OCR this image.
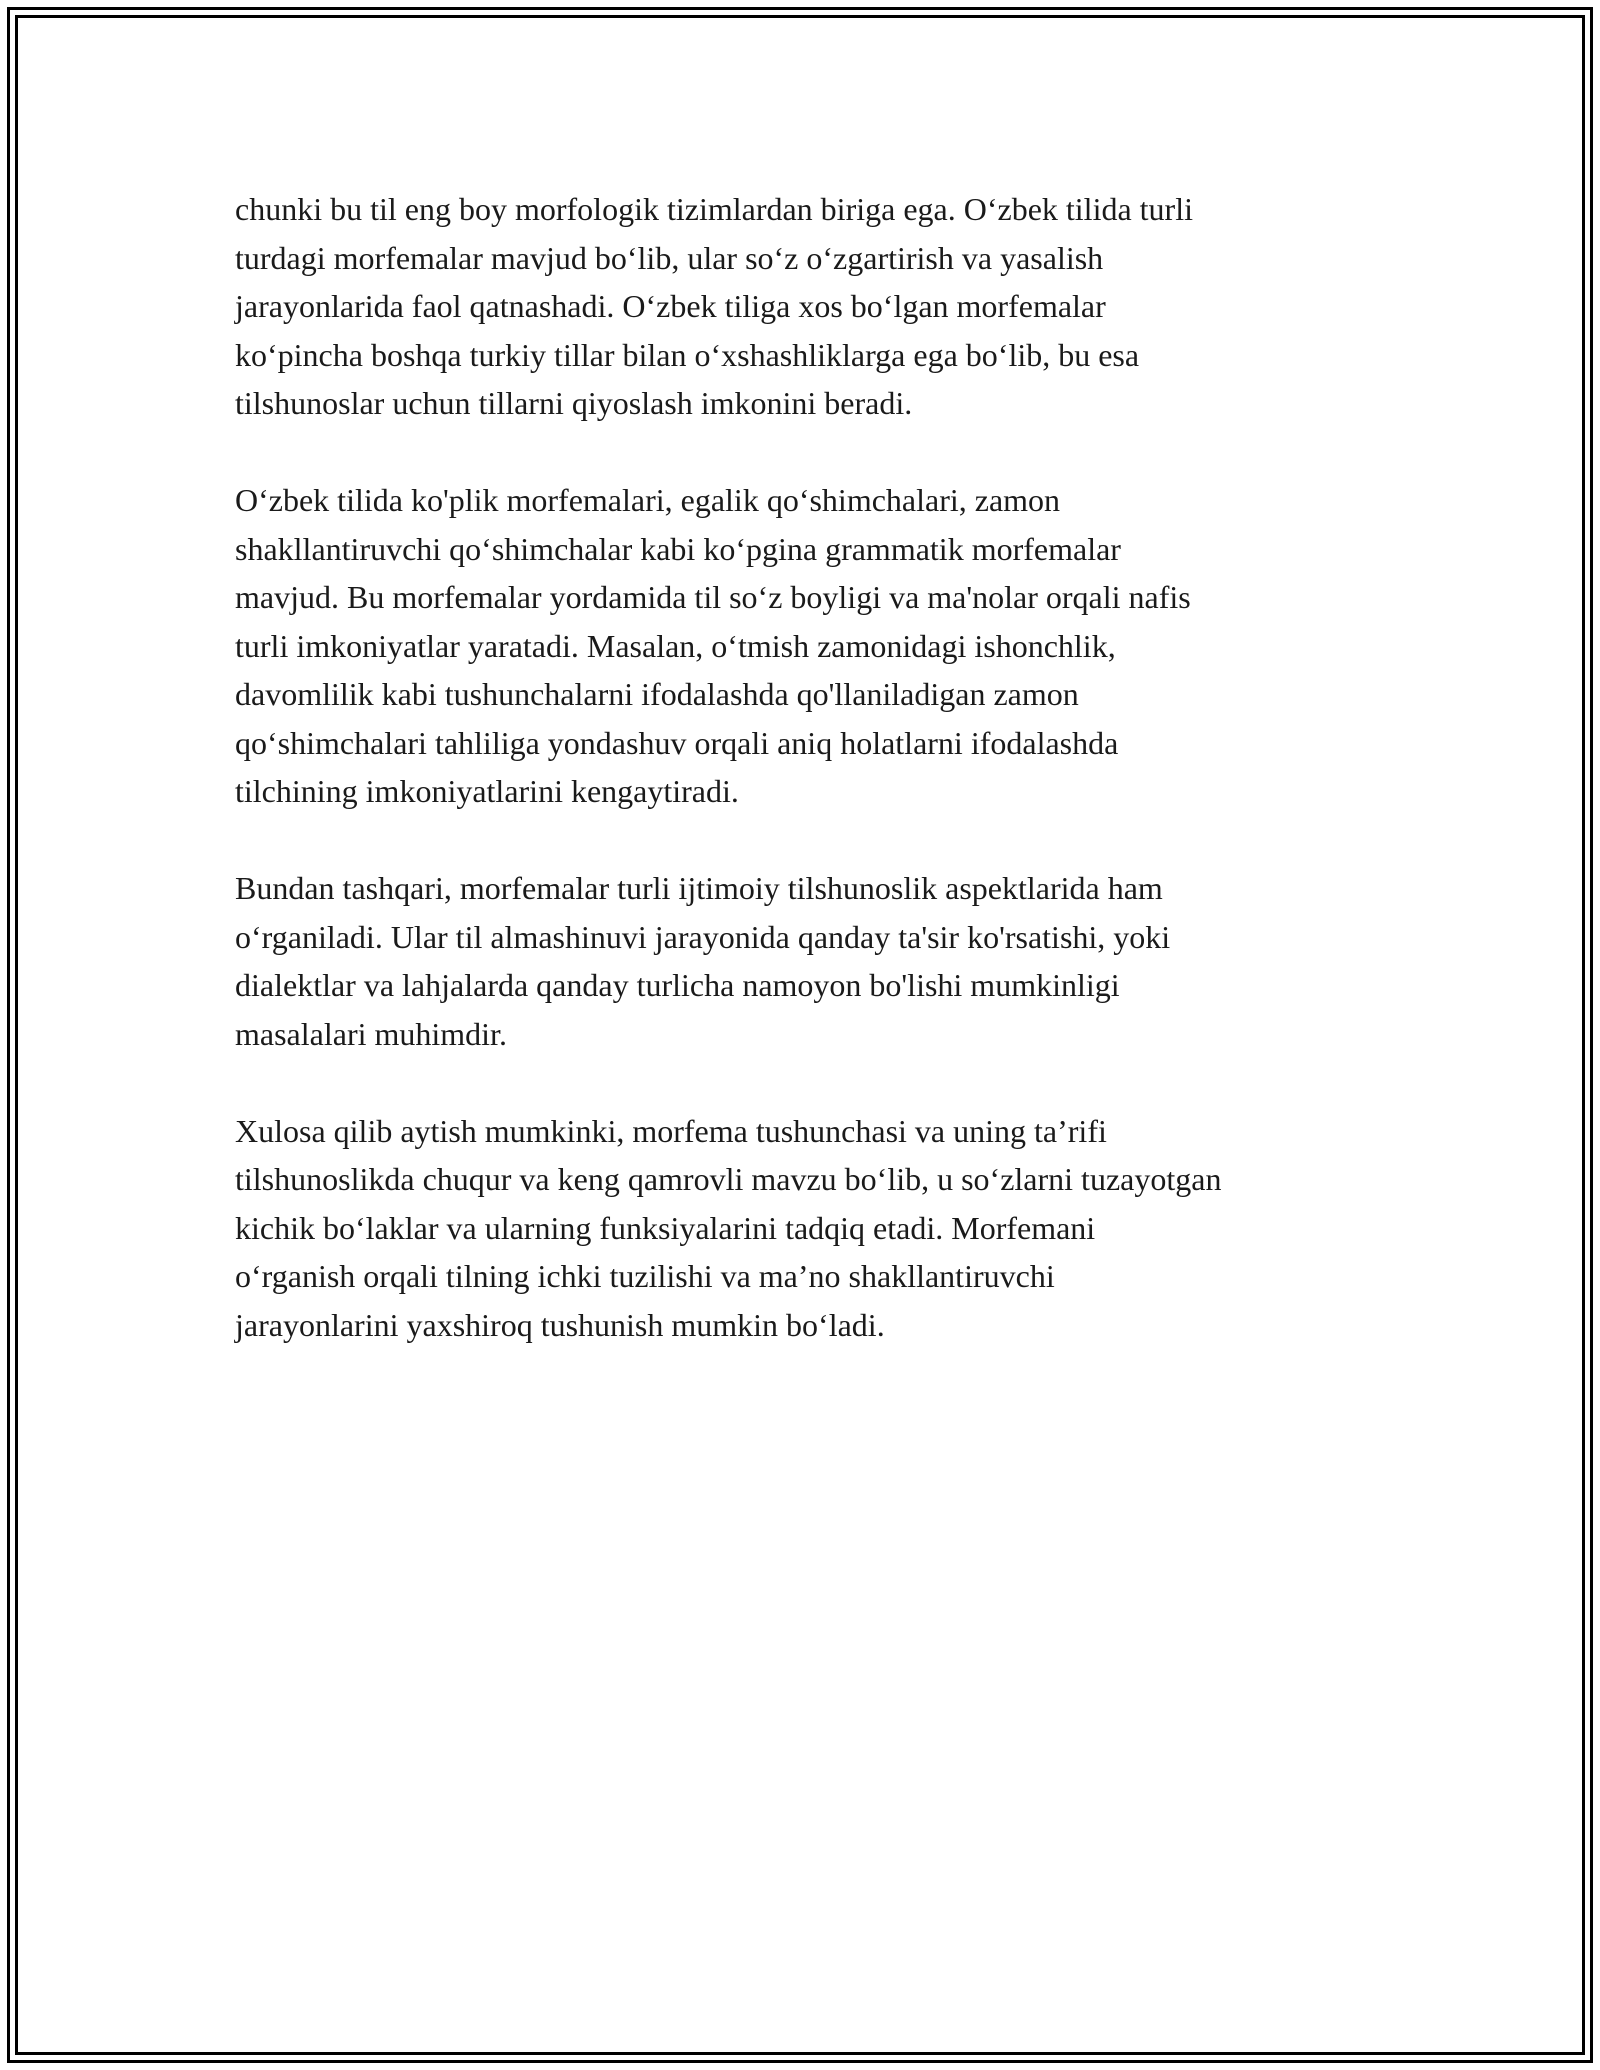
chunki bu til eng boy morfologik tizimlardan biriga ega. O‘zbek tilida turli
turdagi morfemalar mavjud bo‘lib, ular so‘z o‘zgartirish va yasalish
jarayonlarida faol qatnashadi. O‘zbek tiliga xos bo‘lgan morfemalar
ko‘pincha boshqa turkiy tillar bilan o‘xshashliklarga ega bo‘lib, bu esa
tilshunoslar uchun tillarni qiyoslash imkonini beradi.

O‘zbek tilida ko'plik morfemalari, egalik qo‘shimchalari, zamon
shakllantiruvchi qo‘shimchalar kabi ko‘pgina grammatik morfemalar
mavjud. Bu morfemalar yordamida til so‘z boyligi va ma'nolar orqali nafis
turli imkoniyatlar yaratadi. Masalan, o‘tmish zamonidagi ishonchlik,
davomlilik kabi tushunchalarni ifodalashda qo'llaniladigan zamon
qo‘shimchalari tahliliga yondashuv orqali aniq holatlarni ifodalashda
tilchining imkoniyatlarini kengaytiradi.

Bundan tashqari, morfemalar turli ijtimoiy tilshunoslik aspektlarida ham
o‘rganiladi. Ular til almashinuvi jarayonida qanday ta'sir ko'rsatishi, yoki
dialektlar va lahjalarda qanday turlicha namoyon bo'lishi mumkinligi
masalalari muhimdir.

Xulosa qilib aytish mumkinki, morfema tushunchasi va uning ta’rifi
tilshunoslikda chuqur va keng qamrovli mavzu bo‘lib, u so‘zlarni tuzayotgan
kichik bo‘laklar va ularning funksiyalarini tadqiq etadi. Morfemani
o‘rganish orqali tilning ichki tuzilishi va ma’no shakllantiruvchi
jarayonlarini yaxshiroq tushunish mumkin bo‘ladi.
